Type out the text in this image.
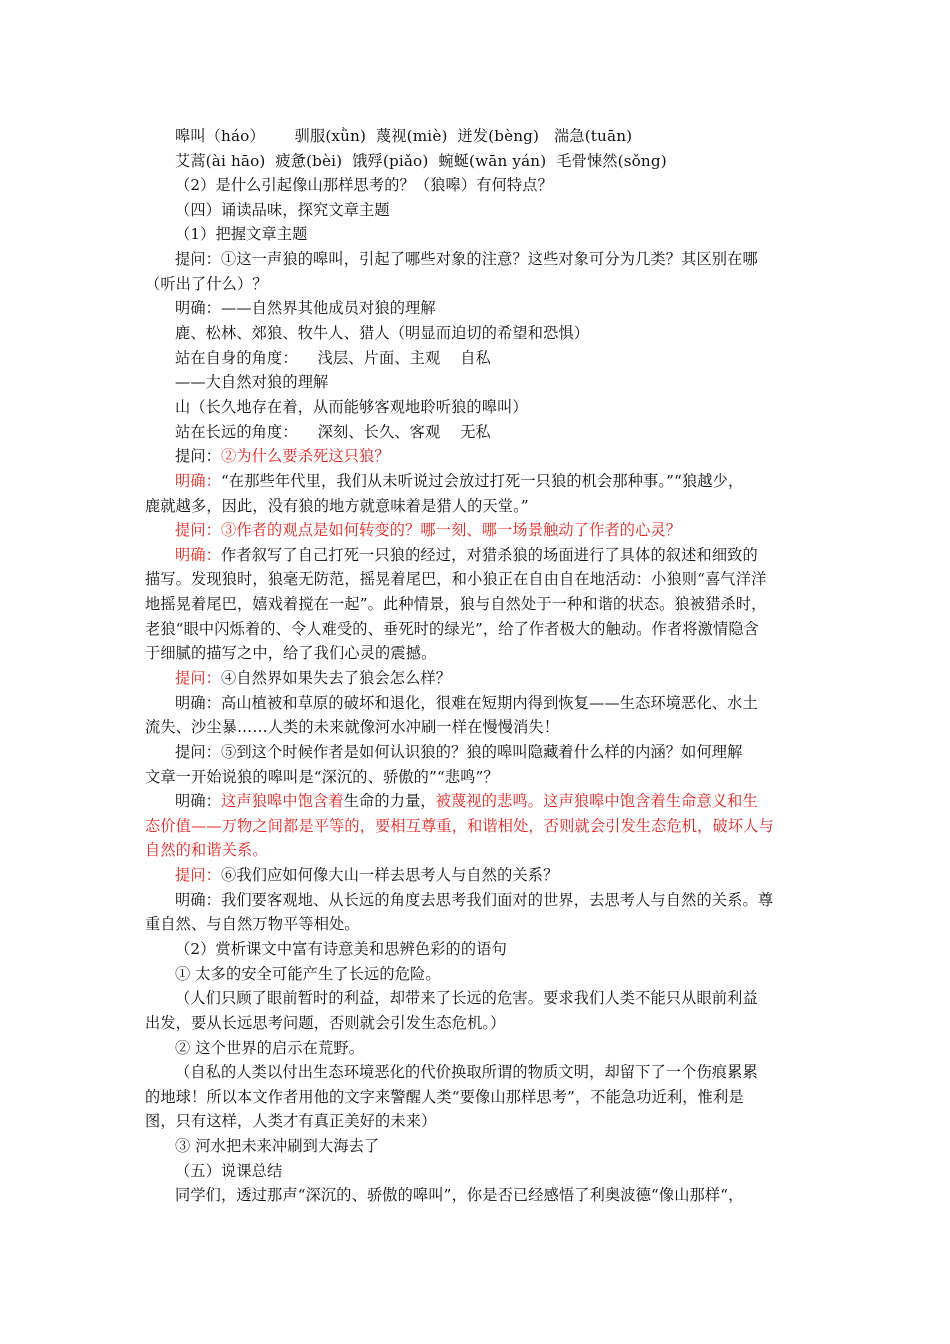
嗥叫（háo）      驯服(xǜn)  蔑视(miè)  迸发(bèng)   湍急(tuān)
艾蒿(ài hāo)  疲惫(bèi)  饿殍(piǎo)  蜿蜒(wān yán)  毛骨悚然(sǒng)
（2）是什么引起像山那样思考的？（狼嗥）有何特点？
（四）诵读品味，探究文章主题
（1）把握文章主题
提问：①这一声狼的嗥叫，引起了哪些对象的注意？这些对象可分为几类？其区别在哪
（听出了什么）？
明确：——自然界其他成员对狼的理解
鹿、松林、郊狼、牧牛人、猎人（明显而迫切的希望和恐惧）
站在自身的角度：    浅层、片面、主观    自私
——大自然对狼的理解
山（长久地存在着，从而能够客观地聆听狼的嗥叫）
站在长远的角度：    深刻、长久、客观    无私
提问：②为什么要杀死这只狼？
明确：“在那些年代里，我们从未听说过会放过打死一只狼的机会那种事。”“狼越少，
鹿就越多，因此，没有狼的地方就意味着是猎人的天堂。”
提问：③作者的观点是如何转变的？哪一刻、哪一场景触动了作者的心灵？
明确：作者叙写了自己打死一只狼的经过，对猎杀狼的场面进行了具体的叙述和细致的
描写。发现狼时，狼毫无防范，摇晃着尾巴，和小狼正在自由自在地活动：小狼则“喜气洋洋
地摇晃着尾巴，嬉戏着搅在一起”。此种情景，狼与自然处于一种和谐的状态。狼被猎杀时，
老狼“眼中闪烁着的、令人难受的、垂死时的绿光”，给了作者极大的触动。作者将激情隐含
于细腻的描写之中，给了我们心灵的震撼。
提问：④自然界如果失去了狼会怎么样？
明确：高山植被和草原的破坏和退化，很难在短期内得到恢复——生态环境恶化、水土
流失、沙尘暴……人类的未来就像河水冲刷一样在慢慢消失！
提问：⑤到这个时候作者是如何认识狼的？狼的嗥叫隐藏着什么样的内涵？如何理解
文章一开始说狼的嗥叫是“深沉的、骄傲的”“悲鸣”？
明确：这声狼嗥中饱含着生命的力量，被蔑视的悲鸣。这声狼嗥中饱含着生命意义和生
态价值——万物之间都是平等的，要相互尊重，和谐相处，否则就会引发生态危机，破坏人与
自然的和谐关系。
提问：⑥我们应如何像大山一样去思考人与自然的关系？
明确：我们要客观地、从长远的角度去思考我们面对的世界，去思考人与自然的关系。尊
重自然、与自然万物平等相处。
（2）赏析课文中富有诗意美和思辨色彩的的语句
① 太多的安全可能产生了长远的危险。
（人们只顾了眼前暂时的利益，却带来了长远的危害。要求我们人类不能只从眼前利益
出发，要从长远思考问题，否则就会引发生态危机。）
② 这个世界的启示在荒野。
（自私的人类以付出生态环境恶化的代价换取所谓的物质文明，却留下了一个伤痕累累
的地球！所以本文作者用他的文字来警醒人类“要像山那样思考”，不能急功近利，惟利是
图，只有这样，人类才有真正美好的未来）
③ 河水把未来冲刷到大海去了
（五）说课总结
同学们，透过那声“深沉的、骄傲的嗥叫”，你是否已经感悟了利奥波德“像山那样“，
